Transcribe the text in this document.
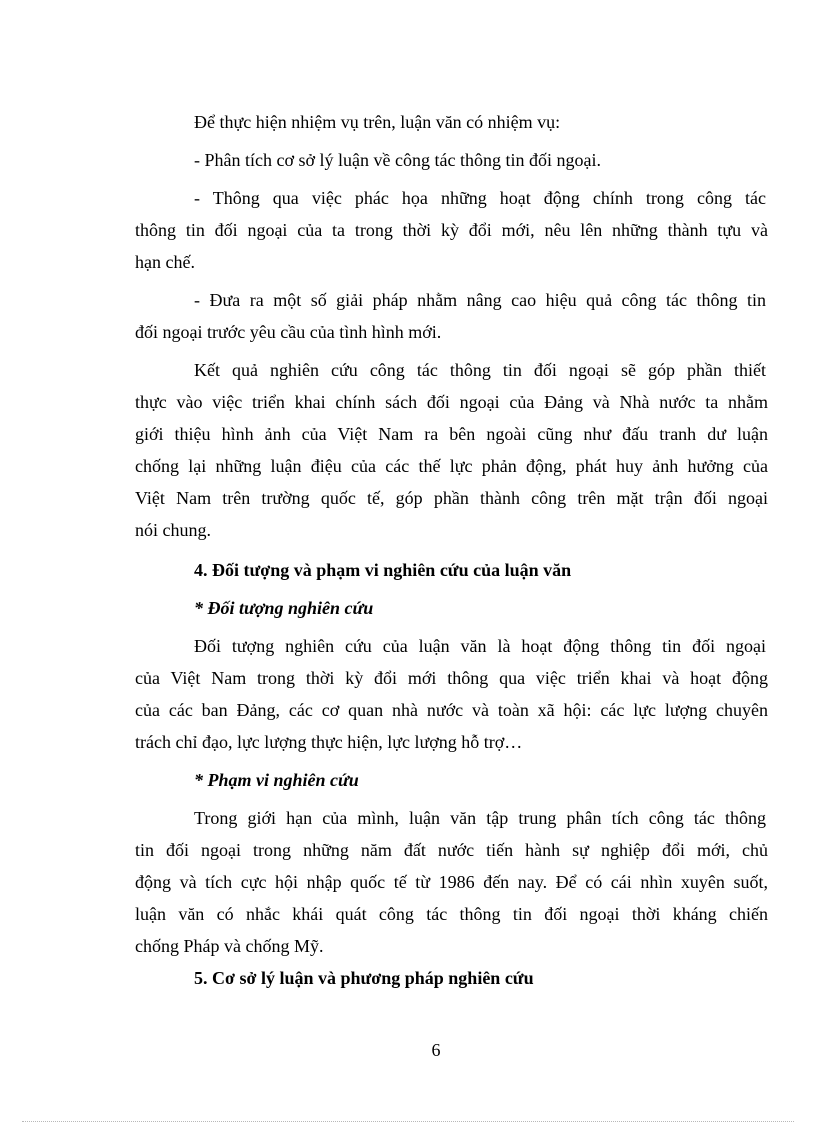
Để thực hiện nhiệm vụ trên, luận văn có nhiệm vụ:
- Phân tích cơ sở lý luận về công tác thông tin đối ngoại.
- Thông qua việc phác họa những hoạt động chính trong công tác
thông tin đối ngoại của ta trong thời kỳ đổi mới, nêu lên những thành tựu và
hạn chế.
- Đưa ra một số giải pháp nhằm nâng cao hiệu quả công tác thông tin
đối ngoại trước yêu cầu của tình hình mới.
Kết quả nghiên cứu công tác thông tin đối ngoại sẽ góp phần thiết
thực vào việc triển khai chính sách đối ngoại của Đảng và Nhà nước ta nhằm
giới thiệu hình ảnh của Việt Nam ra bên ngoài cũng như đấu tranh dư luận
chống lại những luận điệu của các thế lực phản động, phát huy ảnh hưởng của
Việt Nam trên trường quốc tế, góp phần thành công trên mặt trận đối ngoại
nói chung.
4. Đối tượng và phạm vi nghiên cứu của luận văn
* Đối tượng nghiên cứu
Đối tượng nghiên cứu của luận văn là hoạt động thông tin đối ngoại
của Việt Nam trong thời kỳ đổi mới thông qua việc triển khai và hoạt động
của các ban Đảng, các cơ quan nhà nước và toàn xã hội: các lực lượng chuyên
trách chỉ đạo, lực lượng thực hiện, lực lượng hỗ trợ…
* Phạm vi nghiên cứu
Trong giới hạn của mình, luận văn tập trung phân tích công tác thông
tin đối ngoại trong những năm đất nước tiến hành sự nghiệp đổi mới, chủ
động và tích cực hội nhập quốc tế từ 1986 đến nay. Để có cái nhìn xuyên suốt,
luận văn có nhắc khái quát công tác thông tin đối ngoại thời kháng chiến
chống Pháp và chống Mỹ.
5. Cơ sở lý luận và phương pháp nghiên cứu
6
